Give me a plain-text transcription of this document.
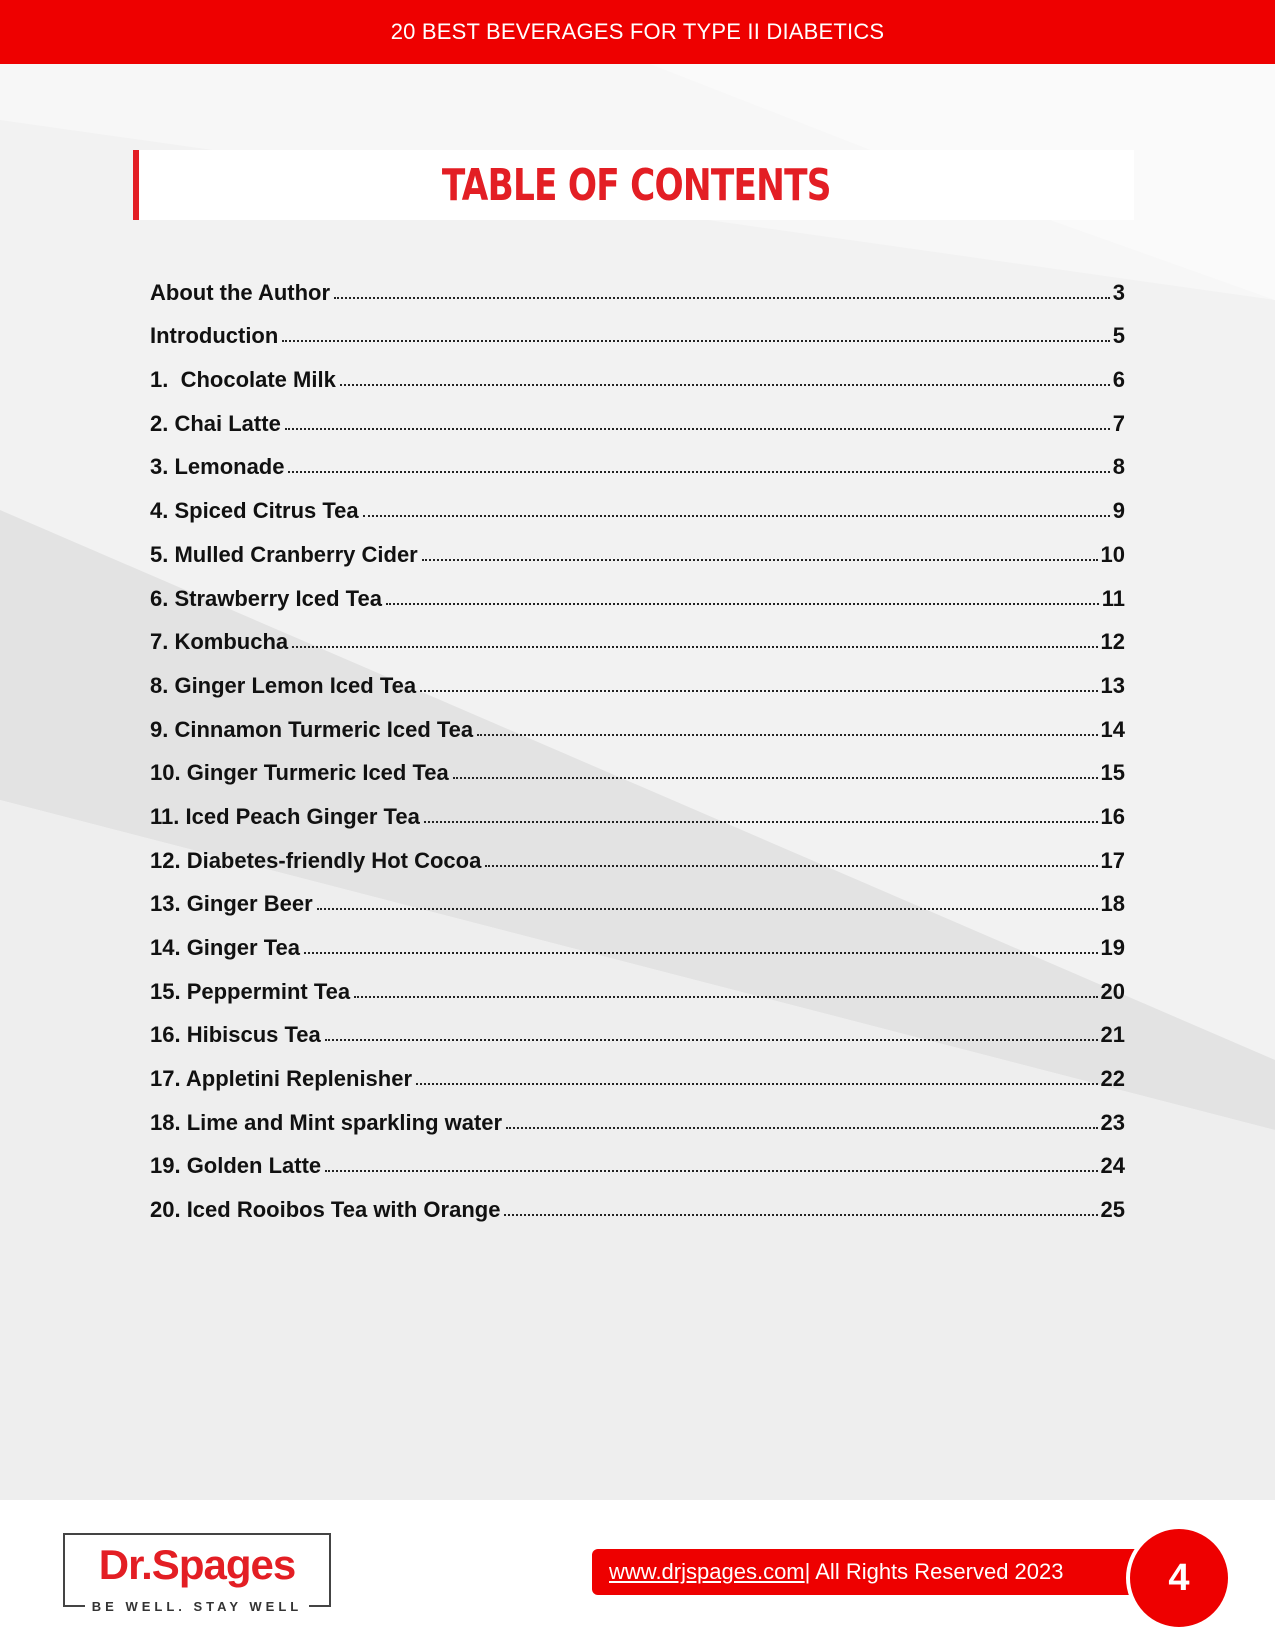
20 BEST BEVERAGES FOR TYPE II DIABETICS
TABLE OF CONTENTS
About the Author	3
Introduction	5
1.  Chocolate Milk	6
2. Chai Latte	7
3. Lemonade	8
4. Spiced Citrus Tea	9
5. Mulled Cranberry Cider	10
6. Strawberry Iced Tea	11
7. Kombucha	12
8. Ginger Lemon Iced Tea	13
9. Cinnamon Turmeric Iced Tea	14
10. Ginger Turmeric Iced Tea	15
11. Iced Peach Ginger Tea	16
12. Diabetes-friendly Hot Cocoa	17
13. Ginger Beer	18
14. Ginger Tea	19
15. Peppermint Tea	20
16. Hibiscus Tea	21
17. Appletini Replenisher	22
18. Lime and Mint sparkling water	23
19. Golden Latte	24
20. Iced Rooibos Tea with Orange	25
Dr.Spages
BE WELL. STAY WELL
www.drjspages.com | All Rights Reserved 2023	4
